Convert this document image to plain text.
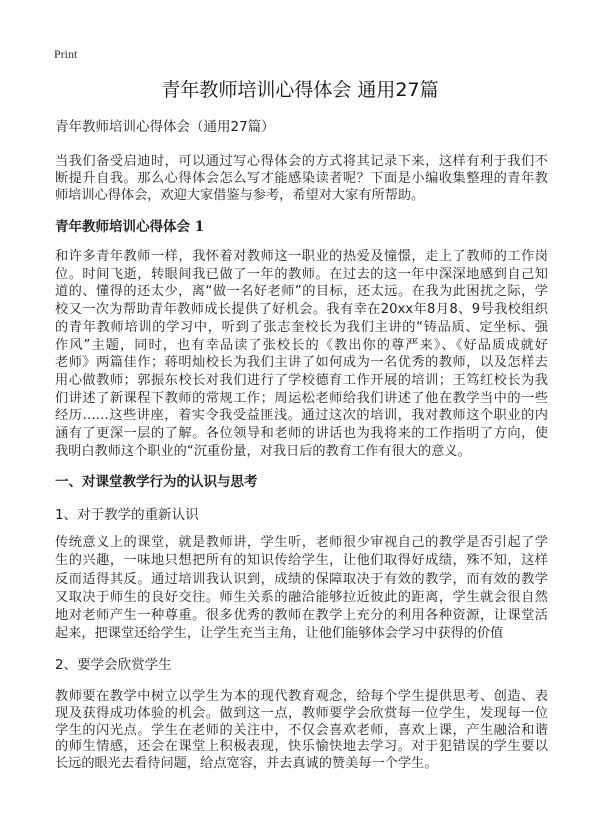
Print
青年教师培训心得体会 通用27篇
青年教师培训心得体会（通用27篇）
当我们备受启迪时，可以通过写心得体会的方式将其记录下来，这样有利于我们不
断提升自我。那么心得体会怎么写才能感染读者呢？下面是小编收集整理的青年教
师培训心得体会，欢迎大家借鉴与参考，希望对大家有所帮助。
青年教师培训心得体会 1
和许多青年教师一样，我怀着对教师这一职业的热爱及憧憬，走上了教师的工作岗
位。时间飞逝，转眼间我已做了一年的教师。在过去的这一年中深深地感到自己知
道的、懂得的还太少，离“做一名好老师”的目标，还太远。在我为此困扰之际，学
校又一次为帮助青年教师成长提供了好机会。我有幸在20xx年8月8、9号我校组织
的青年教师培训的学习中，听到了张志奎校长为我们主讲的“铸品质、定坐标、强
作风”主题，同时，也有幸品读了张校长的《教出你的尊严来》、《好品质成就好
老师》两篇佳作；蒋明灿校长为我们主讲了如何成为一名优秀的教师，以及怎样去
用心做教师；郭振东校长对我们进行了学校德育工作开展的培训；王笃红校长为我
们讲述了新课程下教师的常规工作；周运松老师给我们讲述了他在教学当中的一些
经历……这些讲座，着实令我受益匪浅。通过这次的培训，我对教师这个职业的内
涵有了更深一层的了解。各位领导和老师的讲话也为我将来的工作指明了方向，使
我明白教师这个职业的“沉重份量，对我日后的教育工作有很大的意义。
一、对课堂教学行为的认识与思考
1、对于教学的重新认识
传统意义上的课堂，就是教师讲，学生听，老师很少审视自己的教学是否引起了学
生的兴趣，一味地只想把所有的知识传给学生，让他们取得好成绩，殊不知，这样
反而适得其反。通过培训我认识到，成绩的保障取决于有效的教学，而有效的教学
又取决于师生的良好交往。师生关系的融洽能够拉近彼此的距离，学生就会很自然
地对老师产生一种尊重。很多优秀的教师在教学上充分的利用各种资源，让课堂活
起来，把课堂还给学生，让学生充当主角，让他们能够体会学习中获得的价值
2、要学会欣赏学生
教师要在教学中树立以学生为本的现代教育观念，给每个学生提供思考、创造、表
现及获得成功体验的机会。做到这一点，教师要学会欣赏每一位学生，发现每一位
学生的闪光点。学生在老师的关注中，不仅会喜欢老师，喜欢上课，产生融洽和谐
的师生情感，还会在课堂上积极表现，快乐愉快地去学习。对于犯错误的学生要以
长远的眼光去看待问题，给点宽容，并去真诚的赞美每一个学生。
